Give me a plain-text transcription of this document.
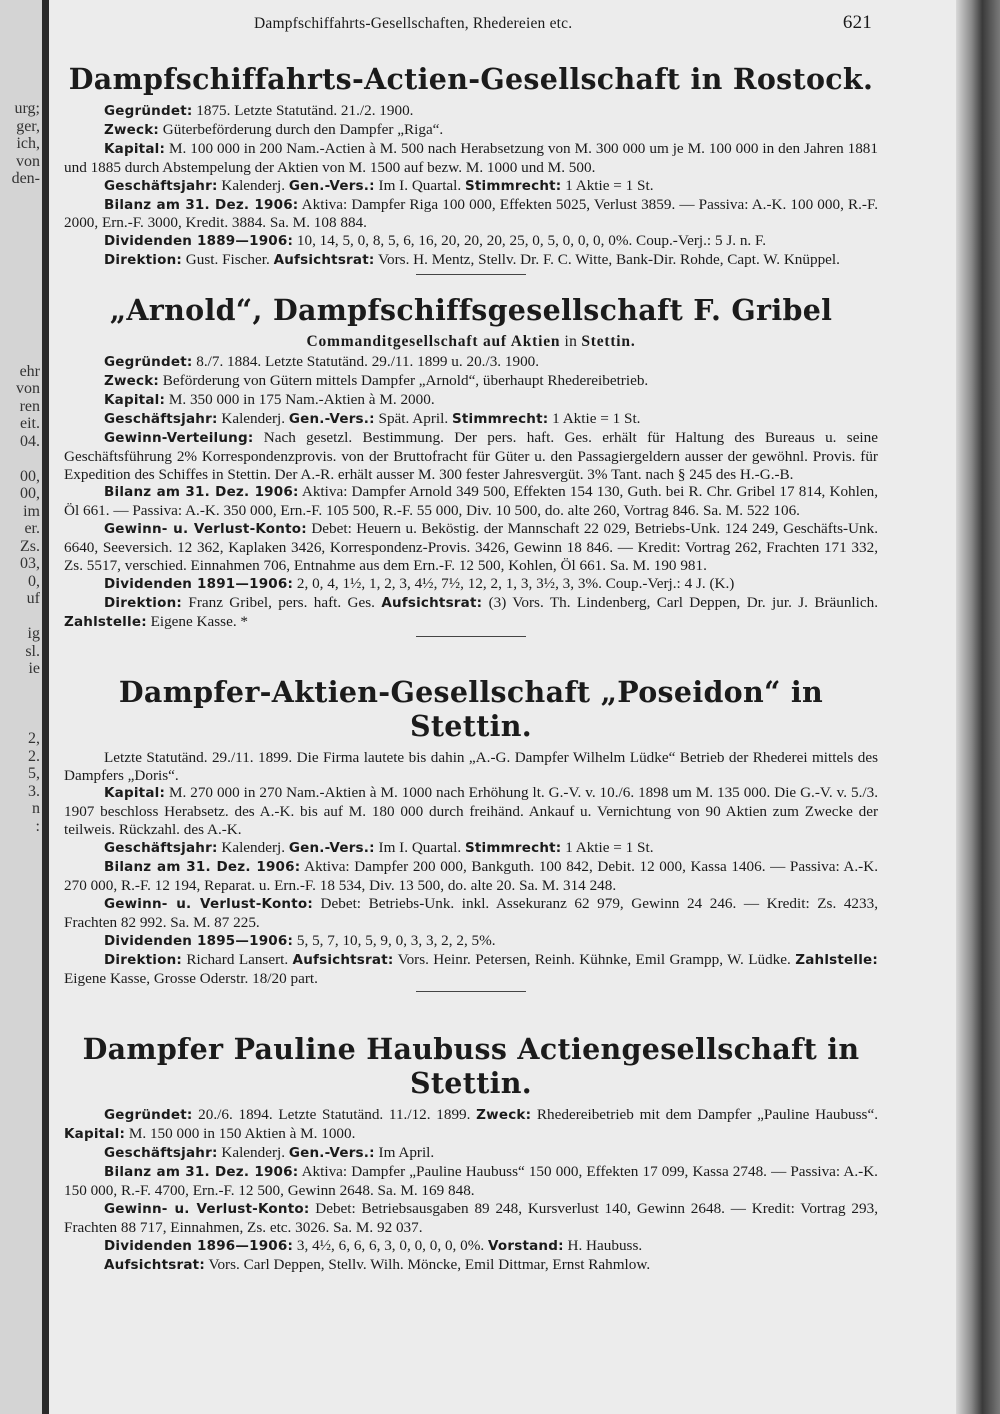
urg;
ger,
ich,
von
den-
ehr
von
ren
eit.
04.
00,
00,
im
er.
Zs.
03,
0,
uf
ig
sl.
ie
2,
2.
5,
3.
n
:
Dampfschiffahrts-Gesellschaften, Rhedereien etc.	621
Dampfschiffahrts-Actien-Gesellschaft in Rostock.

Gegründet: 1875. Letzte Statutänd. 21./2. 1900.

Zweck: Güterbeförderung durch den Dampfer „Riga“.

Kapital: M. 100 000 in 200 Nam.-Actien à M. 500 nach Herabsetzung von M. 300 000 um je M. 100 000 in den Jahren 1881 und 1885 durch Abstempelung der Aktien von M. 1500 auf bezw. M. 1000 und M. 500.

Geschäftsjahr: Kalenderj. Gen.-Vers.: Im I. Quartal. Stimmrecht: 1 Aktie = 1 St.

Bilanz am 31. Dez. 1906: Aktiva: Dampfer Riga 100 000, Effekten 5025, Verlust 3859. — Passiva: A.-K. 100 000, R.-F. 2000, Ern.-F. 3000, Kredit. 3884. Sa. M. 108 884.

Dividenden 1889—1906: 10, 14, 5, 0, 8, 5, 6, 16, 20, 20, 20, 25, 0, 5, 0, 0, 0, 0%. Coup.-Verj.: 5 J. n. F.

Direktion: Gust. Fischer. Aufsichtsrat: Vors. H. Mentz, Stellv. Dr. F. C. Witte, Bank-Dir. Rohde, Capt. W. Knüppel.

„Arnold“, Dampfschiffsgesellschaft F. Gribel
Commanditgesellschaft auf Aktien in Stettin.

Gegründet: 8./7. 1884. Letzte Statutänd. 29./11. 1899 u. 20./3. 1900.

Zweck: Beförderung von Gütern mittels Dampfer „Arnold“, überhaupt Rhedereibetrieb.

Kapital: M. 350 000 in 175 Nam.-Aktien à M. 2000.

Geschäftsjahr: Kalenderj. Gen.-Vers.: Spät. April. Stimmrecht: 1 Aktie = 1 St.

Gewinn-Verteilung: Nach gesetzl. Bestimmung. Der pers. haft. Ges. erhält für Haltung des Bureaus u. seine Geschäftsführung 2% Korrespondenzprovis. von der Bruttofracht für Güter u. den Passagiergeldern ausser der gewöhnl. Provis. für Expedition des Schiffes in Stettin. Der A.-R. erhält ausser M. 300 fester Jahresvergüt. 3% Tant. nach § 245 des H.-G.-B.

Bilanz am 31. Dez. 1906: Aktiva: Dampfer Arnold 349 500, Effekten 154 130, Guth. bei R. Chr. Gribel 17 814, Kohlen, Öl 661. — Passiva: A.-K. 350 000, Ern.-F. 105 500, R.-F. 55 000, Div. 10 500, do. alte 260, Vortrag 846. Sa. M. 522 106.

Gewinn- u. Verlust-Konto: Debet: Heuern u. Beköstig. der Mannschaft 22 029, Betriebs-Unk. 124 249, Geschäfts-Unk. 6640, Seeversich. 12 362, Kaplaken 3426, Korrespondenz-Provis. 3426, Gewinn 18 846. — Kredit: Vortrag 262, Frachten 171 332, Zs. 5517, verschied. Einnahmen 706, Entnahme aus dem Ern.-F. 12 500, Kohlen, Öl 661. Sa. M. 190 981.

Dividenden 1891—1906: 2, 0, 4, 1½, 1, 2, 3, 4½, 7½, 12, 2, 1, 3, 3½, 3, 3%. Coup.-Verj.: 4 J. (K.)

Direktion: Franz Gribel, pers. haft. Ges. Aufsichtsrat: (3) Vors. Th. Lindenberg, Carl Deppen, Dr. jur. J. Bräunlich. Zahlstelle: Eigene Kasse. *

Dampfer-Aktien-Gesellschaft „Poseidon“ in Stettin.

Letzte Statutänd. 29./11. 1899. Die Firma lautete bis dahin „A.-G. Dampfer Wilhelm Lüdke“ Betrieb der Rhederei mittels des Dampfers „Doris“.

Kapital: M. 270 000 in 270 Nam.-Aktien à M. 1000 nach Erhöhung lt. G.-V. v. 10./6. 1898 um M. 135 000. Die G.-V. v. 5./3. 1907 beschloss Herabsetz. des A.-K. bis auf M. 180 000 durch freihänd. Ankauf u. Vernichtung von 90 Aktien zum Zwecke der teilweis. Rückzahl. des A.-K.

Geschäftsjahr: Kalenderj. Gen.-Vers.: Im I. Quartal. Stimmrecht: 1 Aktie = 1 St.

Bilanz am 31. Dez. 1906: Aktiva: Dampfer 200 000, Bankguth. 100 842, Debit. 12 000, Kassa 1406. — Passiva: A.-K. 270 000, R.-F. 12 194, Reparat. u. Ern.-F. 18 534, Div. 13 500, do. alte 20. Sa. M. 314 248.

Gewinn- u. Verlust-Konto: Debet: Betriebs-Unk. inkl. Assekuranz 62 979, Gewinn 24 246. — Kredit: Zs. 4233, Frachten 82 992. Sa. M. 87 225.

Dividenden 1895—1906: 5, 5, 7, 10, 5, 9, 0, 3, 3, 2, 2, 5%.

Direktion: Richard Lansert. Aufsichtsrat: Vors. Heinr. Petersen, Reinh. Kühnke, Emil Grampp, W. Lüdke. Zahlstelle: Eigene Kasse, Grosse Oderstr. 18/20 part.

Dampfer Pauline Haubuss Actiengesellschaft in Stettin.

Gegründet: 20./6. 1894. Letzte Statutänd. 11./12. 1899. Zweck: Rhedereibetrieb mit dem Dampfer „Pauline Haubuss“. Kapital: M. 150 000 in 150 Aktien à M. 1000.

Geschäftsjahr: Kalenderj. Gen.-Vers.: Im April.

Bilanz am 31. Dez. 1906: Aktiva: Dampfer „Pauline Haubuss“ 150 000, Effekten 17 099, Kassa 2748. — Passiva: A.-K. 150 000, R.-F. 4700, Ern.-F. 12 500, Gewinn 2648. Sa. M. 169 848.

Gewinn- u. Verlust-Konto: Debet: Betriebsausgaben 89 248, Kursverlust 140, Gewinn 2648. — Kredit: Vortrag 293, Frachten 88 717, Einnahmen, Zs. etc. 3026. Sa. M. 92 037.

Dividenden 1896—1906: 3, 4½, 6, 6, 6, 3, 0, 0, 0, 0, 0%. Vorstand: H. Haubuss.

Aufsichtsrat: Vors. Carl Deppen, Stellv. Wilh. Möncke, Emil Dittmar, Ernst Rahmlow.
